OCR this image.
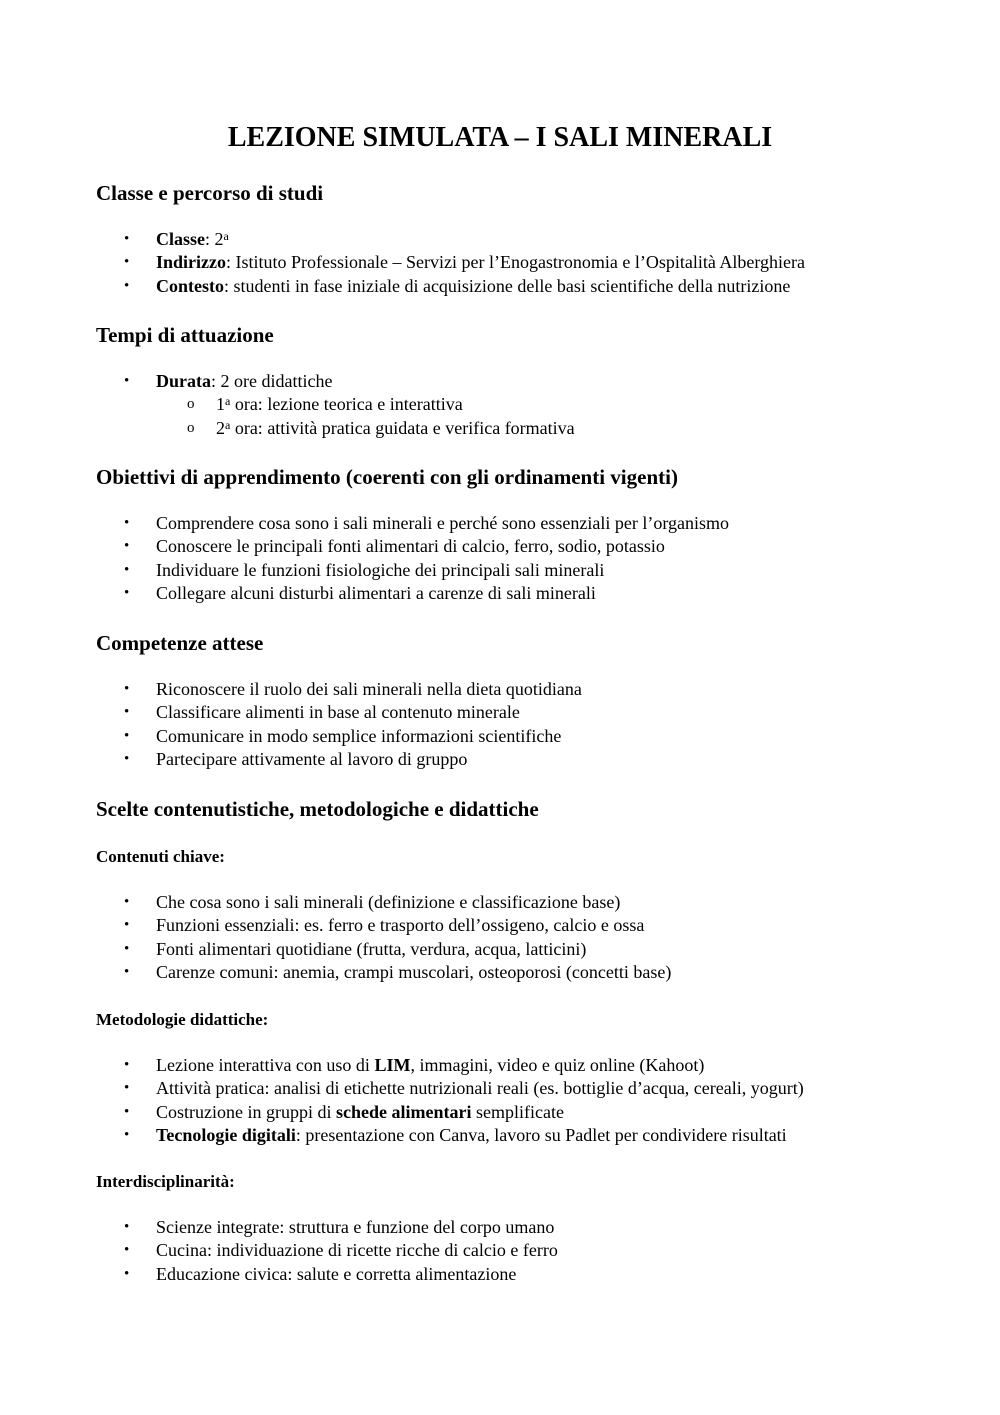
LEZIONE SIMULATA – I SALI MINERALI
Classe e percorso di studi
• Classe: 2$^a$
• Indirizzo: Istituto Professionale – Servizi per l’Enogastronomia e l’Ospitalità Alberghiera
• Contesto: studenti in fase iniziale di acquisizione delle basi scientifiche della nutrizione
Tempi di attuazione
• Durata: 2 ore didattiche
o 1$^a$ ora: lezione teorica e interattiva
o 2$^a$ ora: attività pratica guidata e verifica formativa
Obiettivi di apprendimento (coerenti con gli ordinamenti vigenti)
• Comprendere cosa sono i sali minerali e perché sono essenziali per l’organismo
• Conoscere le principali fonti alimentari di calcio, ferro, sodio, potassio
• Individuare le funzioni fisiologiche dei principali sali minerali
• Collegare alcuni disturbi alimentari a carenze di sali minerali
Competenze attese
• Riconoscere il ruolo dei sali minerali nella dieta quotidiana
• Classificare alimenti in base al contenuto minerale
• Comunicare in modo semplice informazioni scientifiche
• Partecipare attivamente al lavoro di gruppo
Scelte contenutistiche, metodologiche e didattiche
Contenuti chiave:
• Che cosa sono i sali minerali (definizione e classificazione base)
• Funzioni essenziali: es. ferro e trasporto dell’ossigeno, calcio e ossa
• Fonti alimentari quotidiane (frutta, verdura, acqua, latticini)
• Carenze comuni: anemia, crampi muscolari, osteoporosi (concetti base)
Metodologie didattiche:
• Lezione interattiva con uso di LIM, immagini, video e quiz online (Kahoot)
• Attività pratica: analisi di etichette nutrizionali reali (es. bottiglie d’acqua, cereali, yogurt)
• Costruzione in gruppi di schede alimentari semplificate
• Tecnologie digitali: presentazione con Canva, lavoro su Padlet per condividere risultati
Interdisciplinarità:
• Scienze integrate: struttura e funzione del corpo umano
• Cucina: individuazione di ricette ricche di calcio e ferro
• Educazione civica: salute e corretta alimentazione
